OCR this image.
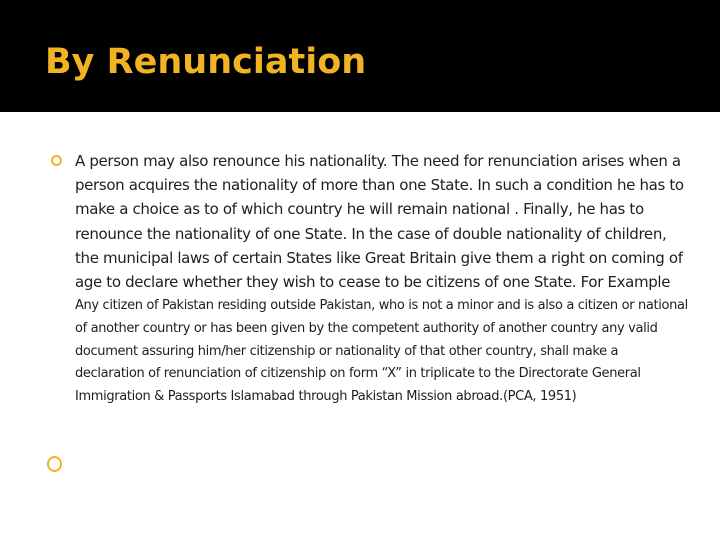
By Renunciation
A person may also renounce his nationality. The need for renunciation arises when a person acquires the nationality of more than one State. In such a condition he has to make a choice as to of which country he will remain national . Finally, he has to renounce the nationality of one State. In the case of double nationality of children, the municipal laws of certain States like Great Britain give them a right on coming of age to declare whether they wish to cease to be citizens of one State. For Example Any citizen of Pakistan residing outside Pakistan, who is not a minor and is also a citizen or national of another country or has been given by the competent authority of another country any valid document assuring him/her citizenship or nationality of that other country, shall make a declaration of renunciation of citizenship on form “X” in triplicate to the Directorate General Immigration & Passports Islamabad through Pakistan Mission abroad.(PCA, 1951)
